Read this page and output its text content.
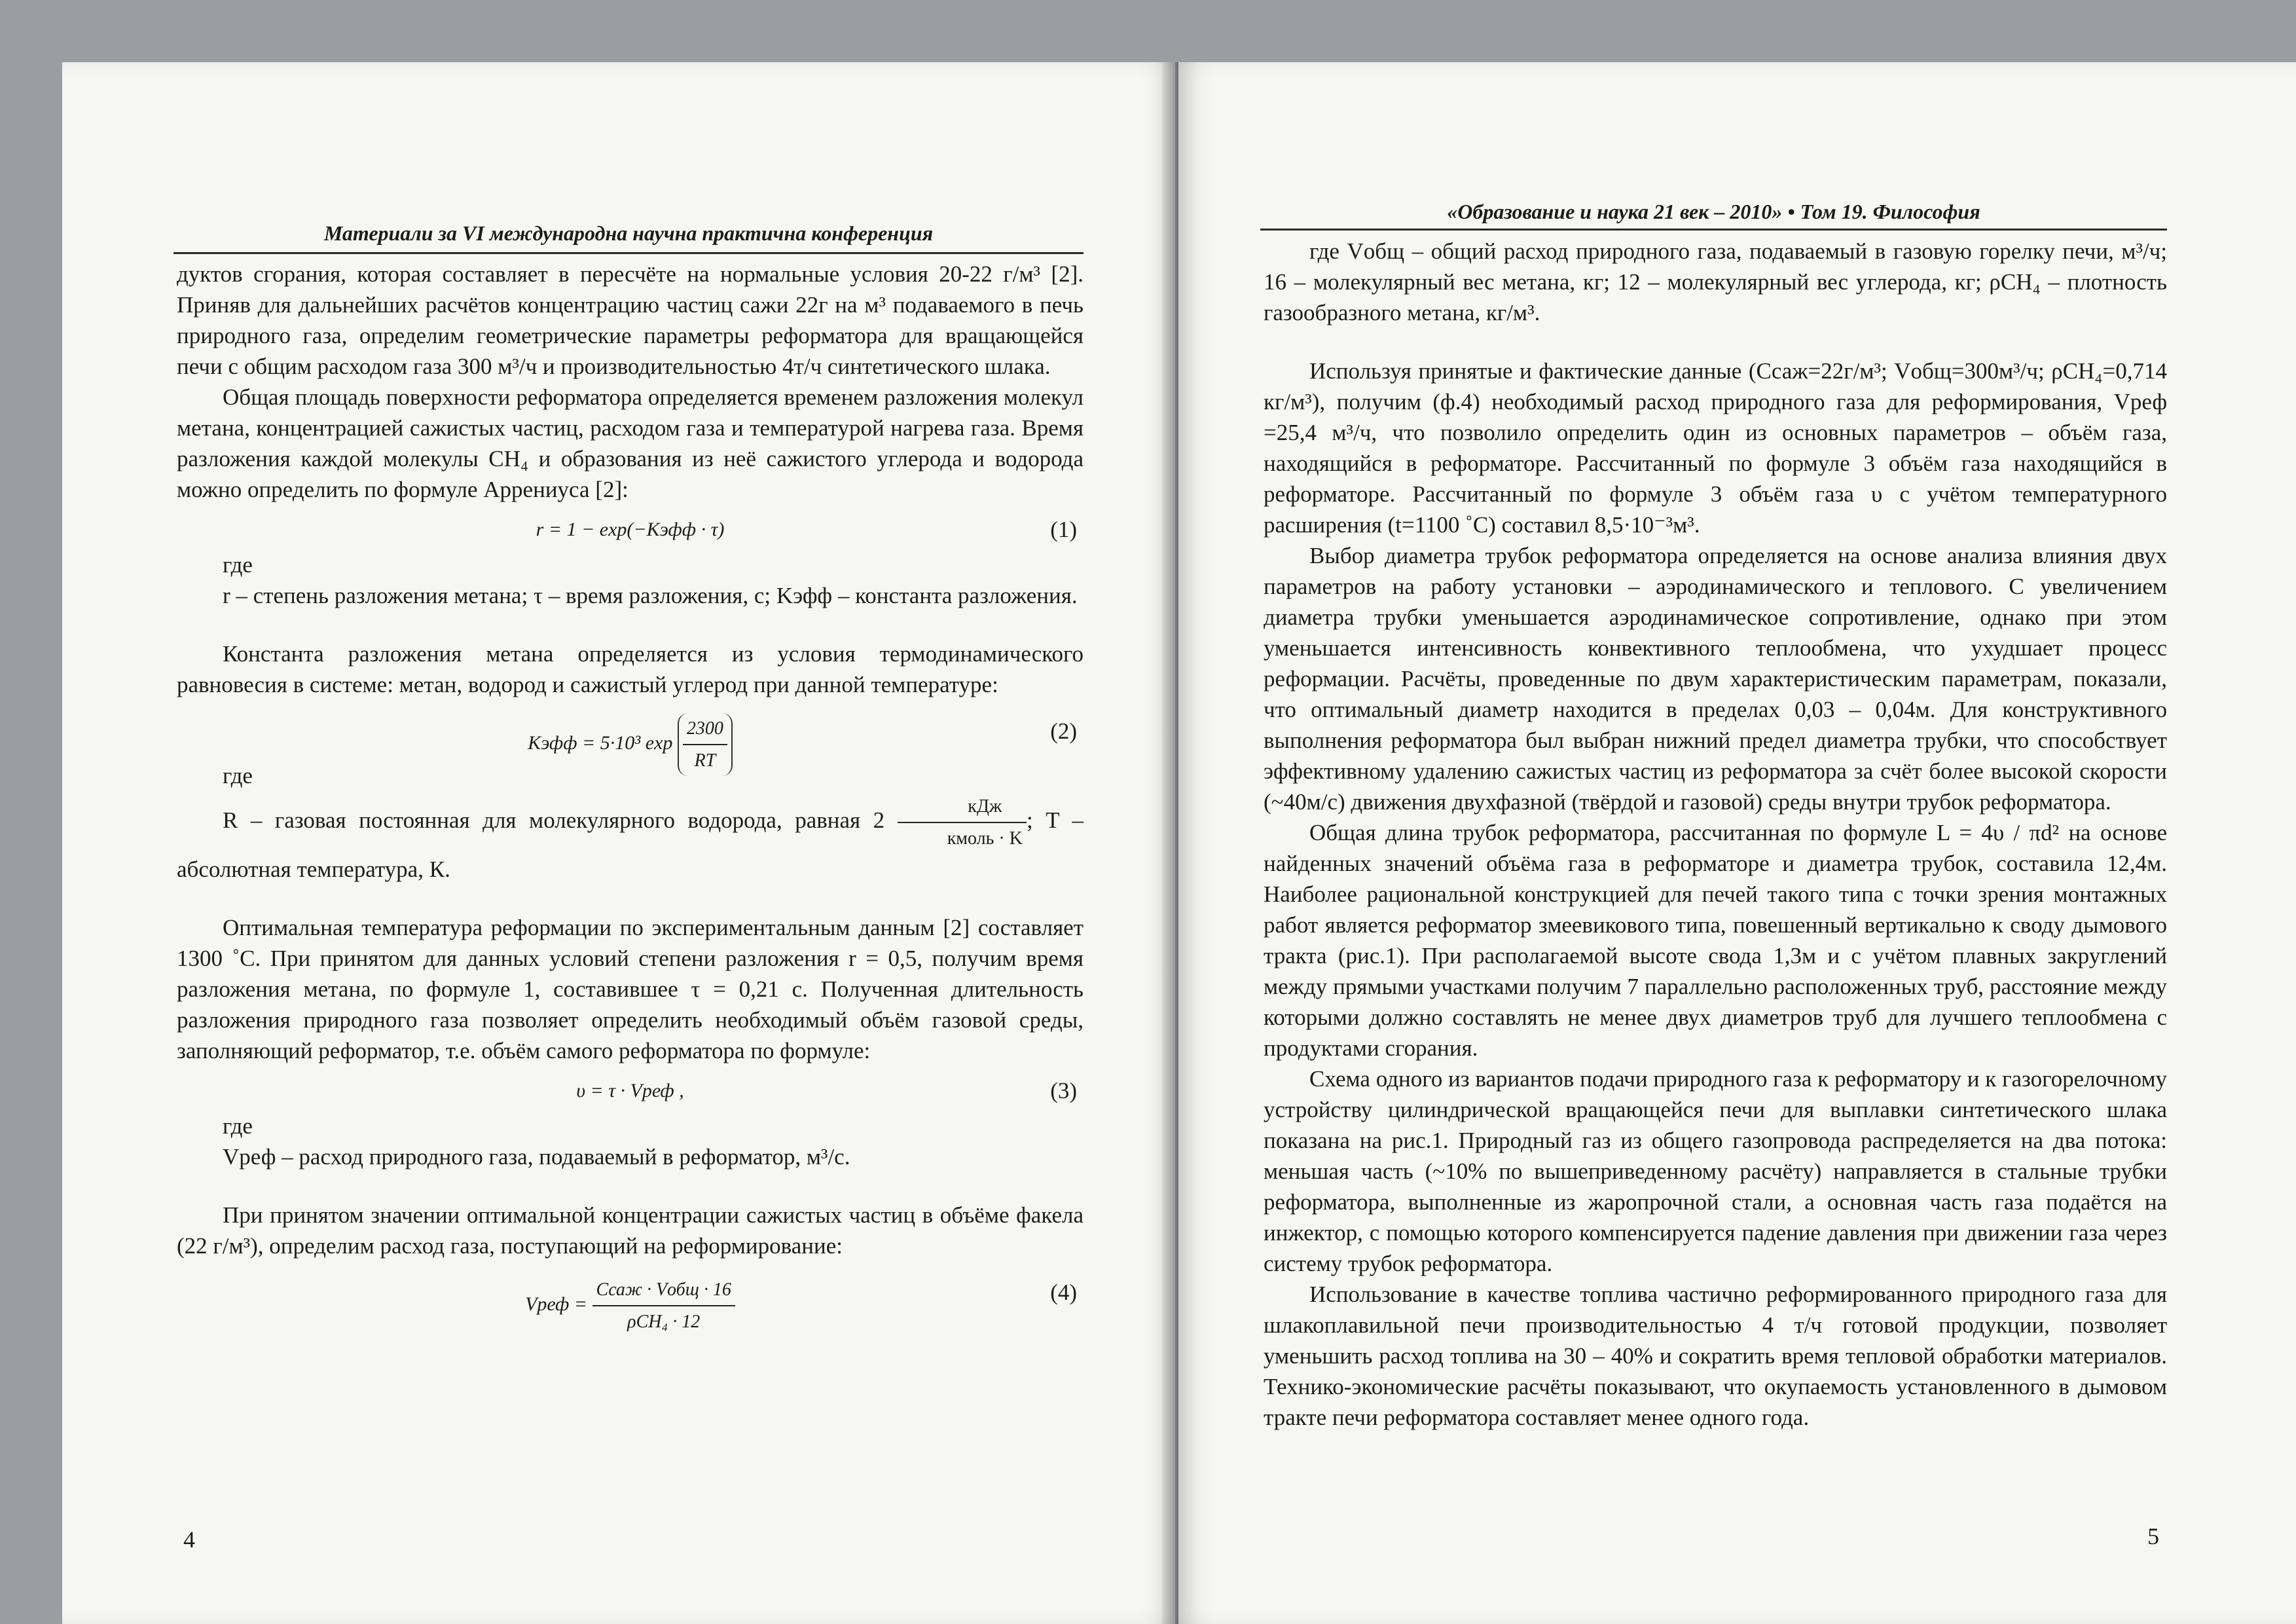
Материали за VI международна научна практична конференция

дуктов сгорания, которая составляет в пересчёте на нормальные условия 20-22 г/м³ [2]. Приняв для дальнейших расчётов концентрацию частиц сажи 22г на м³ подаваемого в печь природного газа, определим геометрические параметры реформатора для вращающейся печи с общим расходом газа 300 м³/ч и производительностью 4т/ч синтетического шлака.

Общая площадь поверхности реформатора определяется временем разложения молекул метана, концентрацией сажистых частиц, расходом газа и температурой нагрева газа. Время разложения каждой молекулы СН₄ и образования из неё сажистого углерода и водорода можно определить по формуле Аррениуса [2]:

r = 1 − exp(−Kэфф · τ)	(1)

где

r – степень разложения метана; τ – время разложения, с; Kэфф – константа разложения.

Константа разложения метана определяется из условия термодинамического равновесия в системе: метан, водород и сажистый углерод при данной температуре:

Kэфф = 5·10³ $\exp \frac{2300}{RT}$	(2)

где

R – газовая постоянная для молекулярного водорода, равная $2 \frac{\text{кДж}}{\text{кмоль · K}}$ ; T – абсолютная температура, К.

Оптимальная температура реформации по экспериментальным данным [2] составляет 1300 ˚С. При принятом для данных условий степени разложения r = 0,5, получим время разложения метана, по формуле 1, составившее τ = 0,21 с. Полученная длительность разложения природного газа позволяет определить необходимый объём газовой среды, заполняющий реформатор, т.е. объём самого реформатора по формуле:

υ = τ · Vреф ,	(3)

где

Vреф – расход природного газа, подаваемый в реформатор, м³/с.

При принятом значении оптимальной концентрации сажистых частиц в объёме факела (22 г/м³), определим расход газа, поступающий на реформирование:

Vреф = $\frac{\text{Cсаж · Vобщ · 16}}{\text{ρCH₄ · 12}}$	(4)
4
«Образование и наука 21 век – 2010» • Том 19. Философия

где Vобщ – общий расход природного газа, подаваемый в газовую горелку печи, м³/ч; 16 – молекулярный вес метана, кг; 12 – молекулярный вес углерода, кг; ρCH₄ – плотность газообразного метана, кг/м³.

Используя принятые и фактические данные (Cсаж=22г/м³; Vобщ=300м³/ч; ρCH₄=0,714 кг/м³), получим (ф.4) необходимый расход природного газа для реформирования, Vреф =25,4 м³/ч, что позволило определить один из основных параметров – объём газа, находящийся в реформаторе. Рассчитанный по формуле 3 объём газа находящийся в реформаторе. Рассчитанный по формуле 3 объём газа υ с учётом температурного расширения (t=1100 ˚С) составил 8,5·10⁻³м³.

Выбор диаметра трубок реформатора определяется на основе анализа влияния двух параметров на работу установки – аэродинамического и теплового. С увеличением диаметра трубки уменьшается аэродинамическое сопротивление, однако при этом уменьшается интенсивность конвективного теплообмена, что ухудшает процесс реформации. Расчёты, проведенные по двум характеристическим параметрам, показали, что оптимальный диаметр находится в пределах 0,03 – 0,04м. Для конструктивного выполнения реформатора был выбран нижний предел диаметра трубки, что способствует эффективному удалению сажистых частиц из реформатора за счёт более высокой скорости (~40м/с) движения двухфазной (твёрдой и газовой) среды внутри трубок реформатора.

Общая длина трубок реформатора, рассчитанная по формуле L = 4υ / πd² на основе найденных значений объёма газа в реформаторе и диаметра трубок, составила 12,4м. Наиболее рациональной конструкцией для печей такого типа с точки зрения монтажных работ является реформатор змеевикового типа, повешенный вертикально к своду дымового тракта (рис.1). При располагаемой высоте свода 1,3м и с учётом плавных закруглений между прямыми участками получим 7 параллельно расположенных труб, расстояние между которыми должно составлять не менее двух диаметров труб для лучшего теплообмена с продуктами сгорания.

Схема одного из вариантов подачи природного газа к реформатору и к газогорелочному устройству цилиндрической вращающейся печи для выплавки синтетического шлака показана на рис.1. Природный газ из общего газопровода распределяется на два потока: меньшая часть (~10% по вышеприведенному расчёту) направляется в стальные трубки реформатора, выполненные из жаропрочной стали, а основная часть газа подаётся на инжектор, с помощью которого компенсируется падение давления при движении газа через систему трубок реформатора.

Использование в качестве топлива частично реформированного природного газа для шлакоплавильной печи производительностью 4 т/ч готовой продукции, позволяет уменьшить расход топлива на 30 – 40% и сократить время тепловой обработки материалов. Технико-экономические расчёты показывают, что окупаемость установленного в дымовом тракте печи реформатора составляет менее одного года.

5
